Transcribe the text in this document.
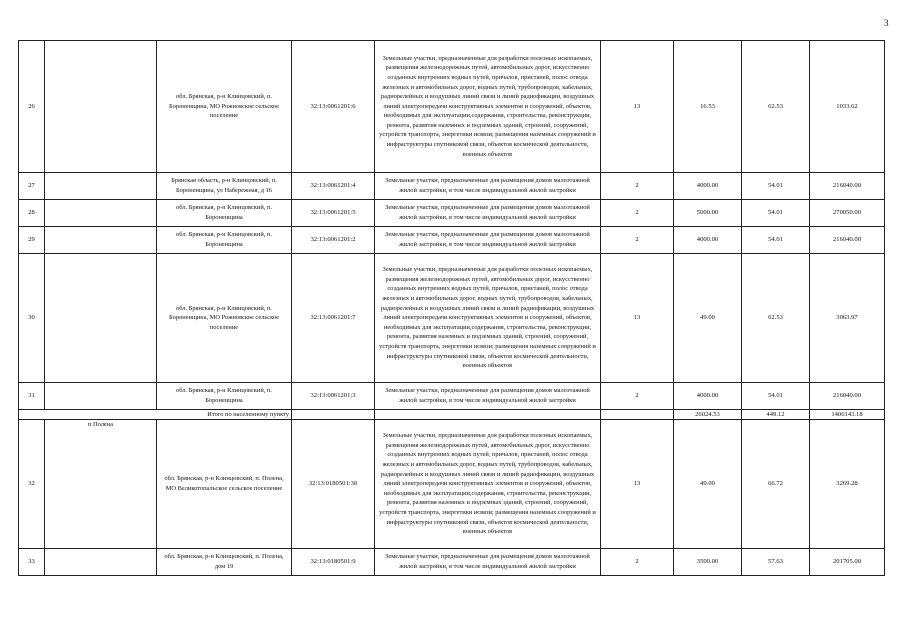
3
26		обл. Брянская, р-н Клинцовский, п. Бороненщина, МО Рожновское сельское поселение	32:13:0061201:6	Земельные участки, предназначенные для разработки полезных ископаемых, размещения железнодорожных путей, автомобильных дорог, искусственно созданных внутренних водных путей, причалов, пристаней, полос отвода железных и автомобильных дорог, водных путей, трубопроводов, кабельных, радиорелейных и воздушных линий связи и линий радиофикации, воздушных линий электропередачи конструктивных элементов и сооружений, объектов, необходимых для эксплуатации,содержания, строительства, реконструкции, ремонта, развития наземных и подземных зданий, строений, сооружений, устройств транспорта, энергетики исвязи; размещения наземных сооружений и инфраструктуры спутниковой связи, объектов космической деятельности, военных объектов	13	16.53	62.53	1033.62
27		Брянская область, р-н Клинцовский, п. Бороненщина, ул Набережная, д 16	32:13:0061201:4	Земельные участки, предназначенные для размещения домов малоэтажной жилой застройки, в том числе индивидуальной жилой застройки	2	4000.00	54.01	216040.00
28		обл. Брянская, р-н Клинцовский, п. Бороненщина	32:13:0061201:5	Земельные участки, предназначенные для размещения домов малоэтажной жилой застройки, в том числе индивидуальной жилой застройки	2	5000.00	54.01	270050.00
29		обл. Брянская, р-н Клинцовский, п. Бороненщина	32:13:0061201:2	Земельные участки, предназначенные для размещения домов малоэтажной жилой застройки, в том числе индивидуальной жилой застройки	2	4000.00	54.01	216040.00
30		обл. Брянская, р-н Клинцовский, п. Бороненщина, МО Рожновское сельское поселение	32:13:0061201:7	Земельные участки, предназначенные для разработки полезных ископаемых, размещения железнодорожных путей, автомобильных дорог, искусственно созданных внутренних водных путей, причалов, пристаней, полос отвода железных и автомобильных дорог, водных путей, трубопроводов, кабельных, радиорелейных и воздушных линий связи и линий радиофикации, воздушных линий электропередачи конструктивных элементов и сооружений, объектов, необходимых для эксплуатации,содержания, строительства, реконструкции, ремонта, развития наземных и подземных зданий, строений, сооружений, устройств транспорта, энергетики исвязи; размещения наземных сооружений и инфраструктуры спутниковой связи, объектов космической деятельности, военных объектов	13	49.00	62.53	3063.97
31		обл. Брянская, р-н Клинцовский, п. Бороненщина	32:13:0061201:3	Земельные участки, предназначенные для размещения домов малоэтажной жилой застройки, в том числе индивидуальной жилой застройки	2	4000.00	54.01	216040.00
Итого по населенному пункту						26024.53	449.12	1406143.18
32	п Полена	обл. Брянская, р-н Клинцовский, п. Полена, МО Великотопальское сельское поселение	32:13:0180501:30	Земельные участки, предназначенные для разработки полезных ископаемых, размещения железнодорожных путей, автомобильных дорог, искусственно созданных внутренних водных путей, причалов, пристаней, полос отвода железных и автомобильных дорог, водных путей, трубопроводов, кабельных, радиорелейных и воздушных линий связи и линий радиофикации, воздушных линий электропередачи конструктивных элементов и сооружений, объектов, необходимых для эксплуатации,содержания, строительства, реконструкции, ремонта, развития наземных и подземных зданий, строений, сооружений, устройств транспорта, энергетики исвязи; размещения наземных сооружений и инфраструктуры спутниковой связи, объектов космической деятельности, военных объектов	13	49.00	66.72	3269.28
33		обл. Брянская, р-н Клинцовский, п. Полена, дом 19	32:13:0180501:9	Земельные участки, предназначенные для размещения домов малоэтажной жилой застройки, в том числе индивидуальной жилой застройки	2	3500.00	57.63	201705.00
